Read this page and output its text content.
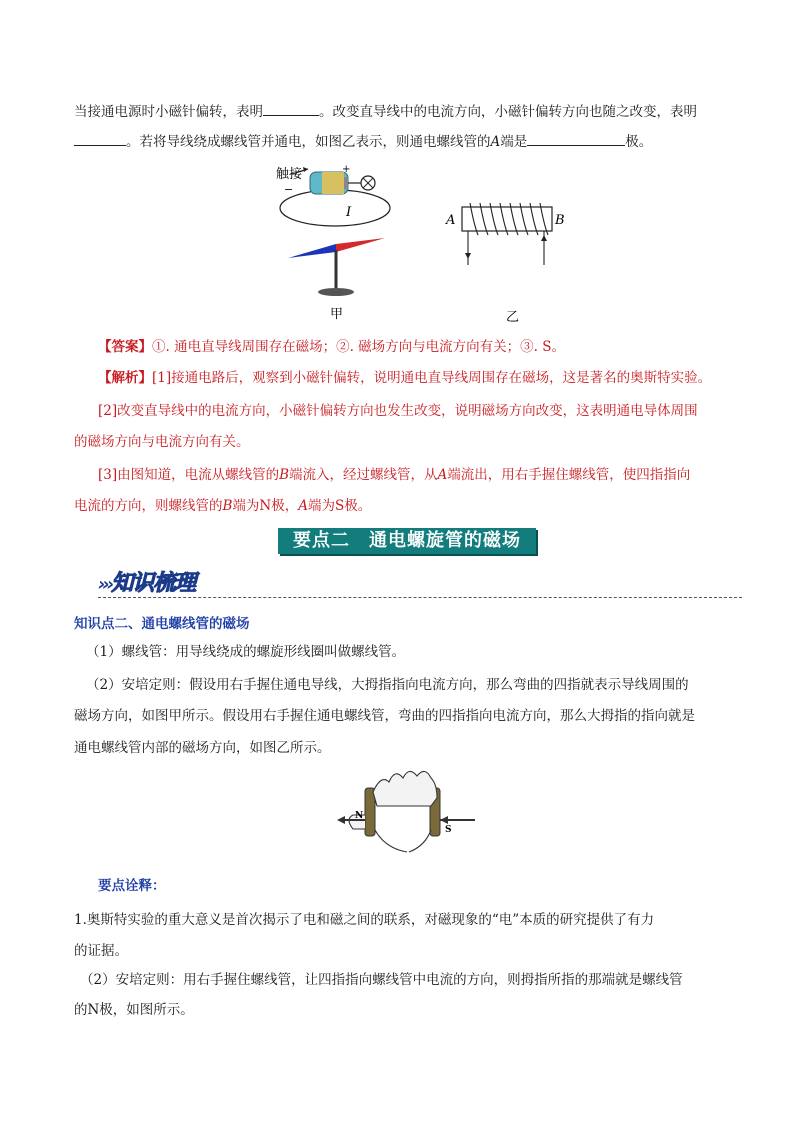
当接通电源时小磁针偏转，表明	。改变直导线中的电流方向，小磁针偏转方向也随之改变，表明
。若将导线绕成螺线管并通电，如图乙表示，则通电螺线管的A端是	极。
触接
−
+
I
甲
A	B
乙
【答案】①. 通电直导线周围存在磁场；②. 磁场方向与电流方向有关；③. S。
【解析】[1]接通电路后，观察到小磁针偏转，说明通电直导线周围存在磁场，这是著名的奥斯特实验。
[2]改变直导线中的电流方向，小磁针偏转方向也发生改变，说明磁场方向改变，这表明通电导体周围
的磁场方向与电流方向有关。
[3]由图知道，电流从螺线管的B端流入，经过螺线管，从A端流出，用右手握住螺线管，使四指指向
电流的方向，则螺线管的B端为N极，A端为S极。
要点二　通电螺旋管的磁场
›››知识梳理
知识点二、通电螺线管的磁场
（1）螺线管：用导线绕成的螺旋形线圈叫做螺线管。
（2）安培定则：假设用右手握住通电导线，大拇指指向电流方向，那么弯曲的四指就表示导线周围的
磁场方向，如图甲所示。假设用右手握住通电螺线管，弯曲的四指指向电流方向，那么大拇指的指向就是
通电螺线管内部的磁场方向，如图乙所示。
N
S
要点诠释：
1.奥斯特实验的重大意义是首次揭示了电和磁之间的联系，对磁现象的“电”本质的研究提供了有力
的证据。
（2）安培定则：用右手握住螺线管，让四指指向螺线管中电流的方向，则拇指所指的那端就是螺线管
的N极，如图所示。
